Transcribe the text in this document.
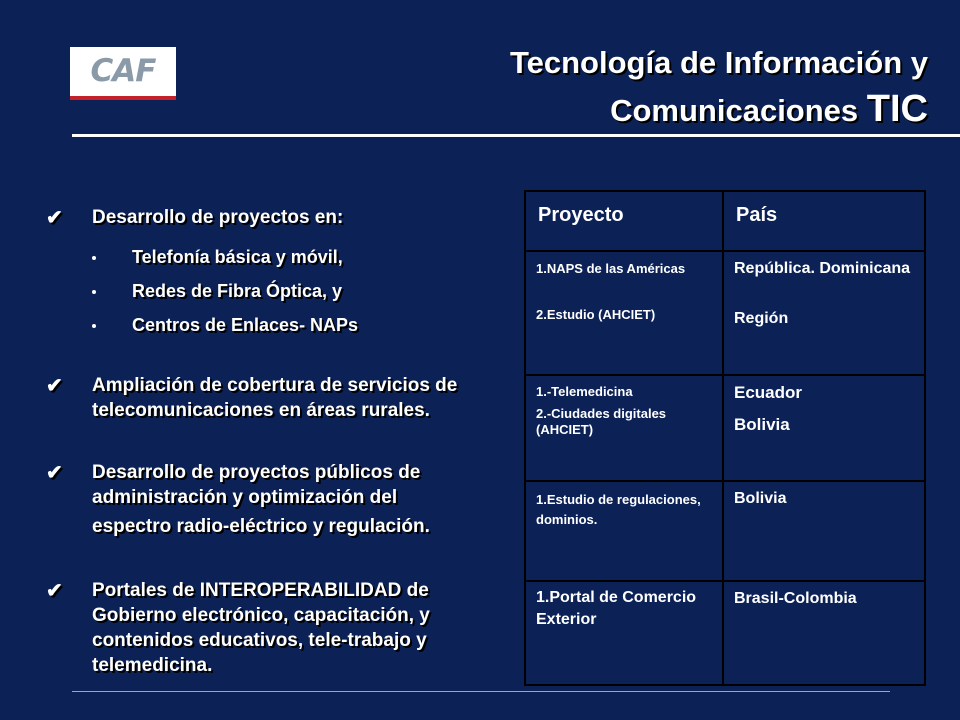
CAF	Tecnología de Información y
Comunicaciones TIC
✔ Desarrollo de proyectos en:
Telefonía básica y móvil,
Redes de Fibra Óptica, y
Centros de Enlaces- NAPs
✔ Ampliación de cobertura de servicios de telecomunicaciones en áreas rurales.
✔ Desarrollo de proyectos públicos de administración y optimización del
espectro radio-eléctrico y regulación.
✔ Portales de INTEROPERABILIDAD de Gobierno electrónico, capacitación, y contenidos educativos, tele-trabajo y telemedicina.
Proyecto	País
1.NAPS de las Américas
2.Estudio (AHCIET)
República. Dominicana
Región
1.-Telemedicina
2.-Ciudades digitales (AHCIET)
Ecuador
Bolivia
1.Estudio de regulaciones, dominios.
Bolivia
1.Portal de Comercio Exterior
Brasil-Colombia
